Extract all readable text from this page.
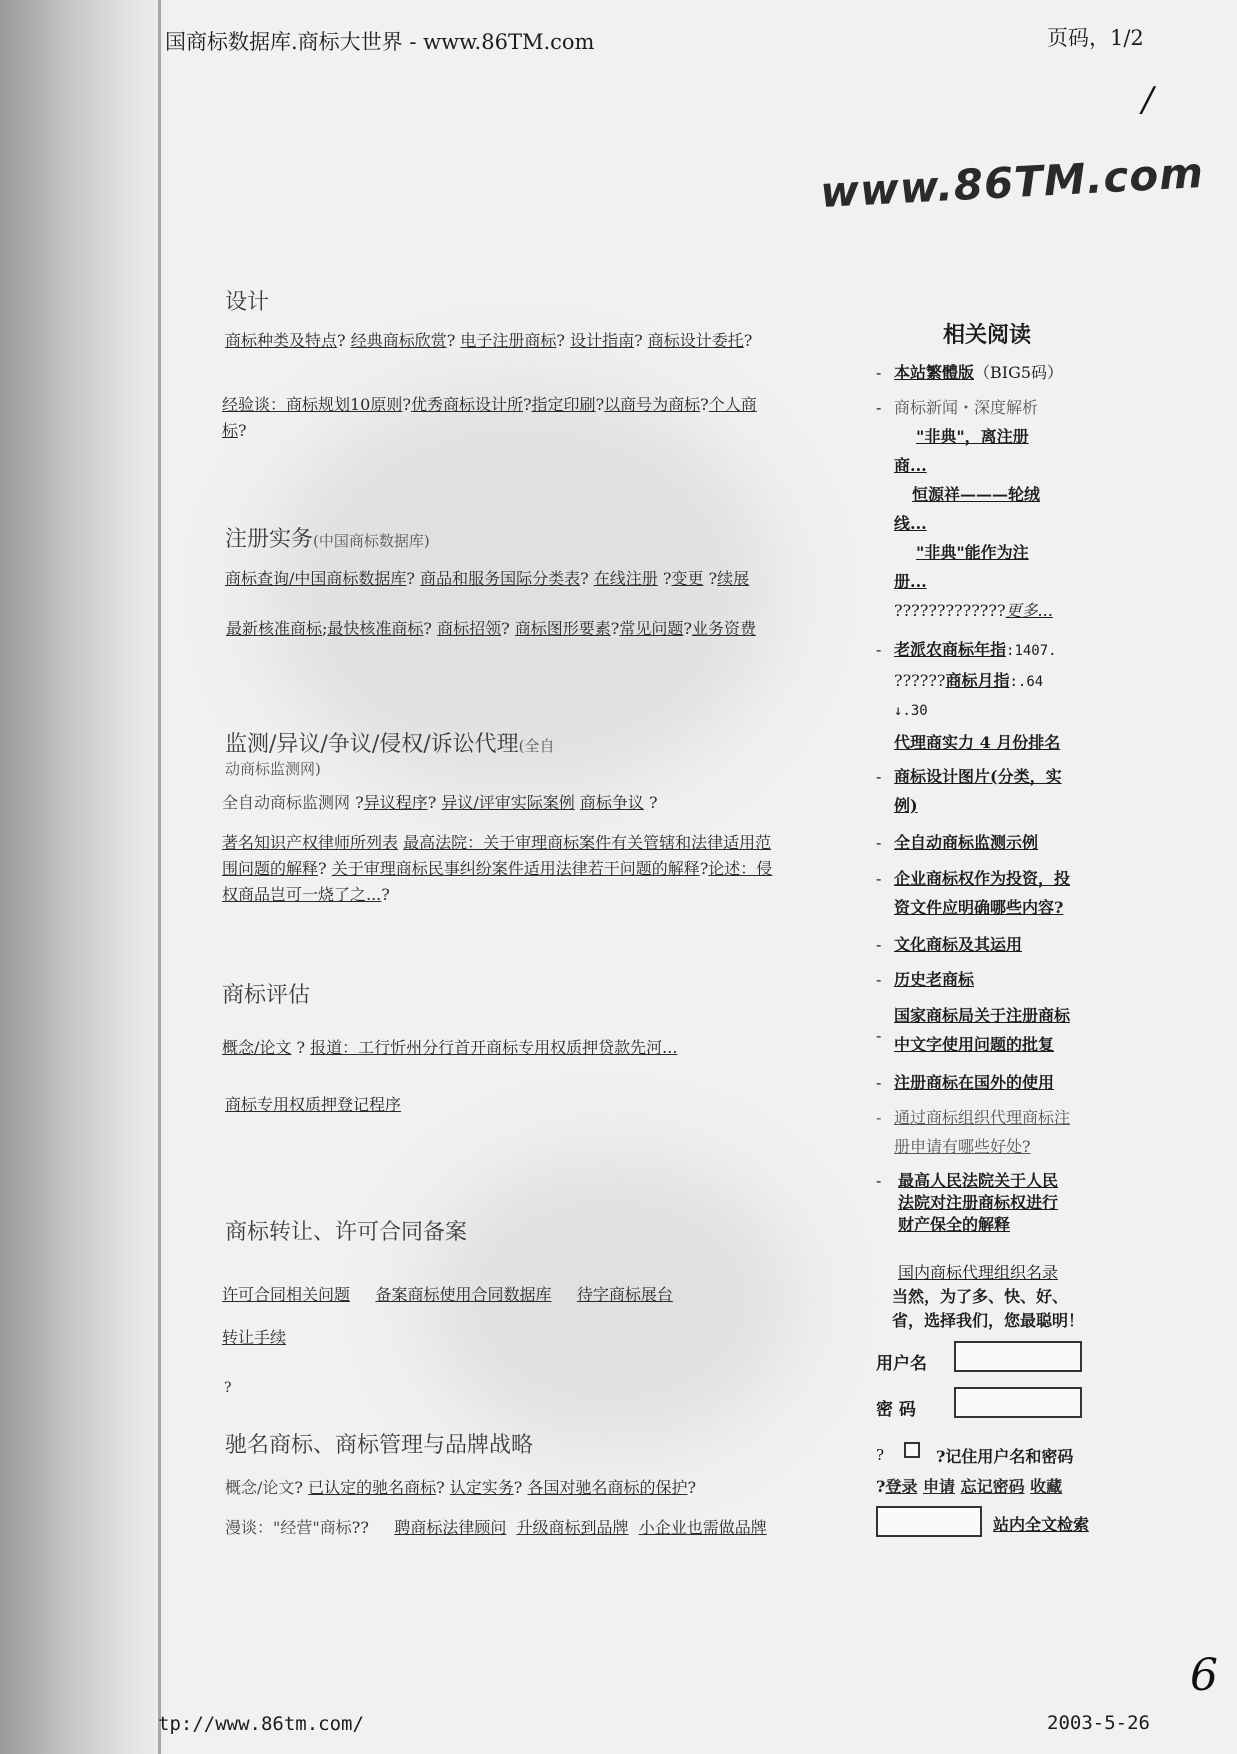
国商标数据库.商标大世界 - www.86TM.com	页码，1/2
/
www.86TM.com
设计
商标种类及特点? 经典商标欣赏? 电子注册商标? 设计指南? 商标设计委托?
经验谈：商标规划10原则?优秀商标设计所?指定印刷?以商号为商标?个人商
标?
注册实务(中国商标数据库)
商标查询/中国商标数据库? 商品和服务国际分类表? 在线注册 ?变更 ?续展
最新核准商标;最快核准商标? 商标招领? 商标图形要素?常见问题?业务资费
监测/异议/争议/侵权/诉讼代理(全自
动商标监测网)
全自动商标监测网 ?异议程序? 异议/评审实际案例 商标争议 ?
著名知识产权律师所列表 最高法院：关于审理商标案件有关管辖和法律适用范
围问题的解释? 关于审理商标民事纠纷案件适用法律若干问题的解释?论述：侵
权商品岂可一烧了之...?
商标评估
概念/论文 ? 报道：工行忻州分行首开商标专用权质押贷款先河...
商标专用权质押登记程序
商标转让、许可合同备案
许可合同相关问题 备案商标使用合同数据库 待字商标展台
转让手续
?
驰名商标、商标管理与品牌战略
概念/论文? 已认定的驰名商标? 认定实务? 各国对驰名商标的保护?
漫谈："经营"商标??     聘商标法律顾问 升级商标到品牌 小企业也需做品牌
相关阅读
- 本站繁體版（BIG5码）
- 商标新闻・深度解析
"非典"，离注册
商...
恒源祥———轮绒
线...
"非典"能作为注
册...
?????????????更多...
- 老派农商标年指:1407.
??????商标月指:.64
↓.30
代理商实力 4 月份排名
- 商标设计图片(分类，实
例)
- 全自动商标监测示例
- 企业商标权作为投资，投
资文件应明确哪些内容?
- 文化商标及其运用
- 历史老商标
-
国家商标局关于注册商标
中文字使用问题的批复
- 注册商标在国外的使用
- 通过商标组织代理商标注
册申请有哪些好处?
- 最高人民法院关于人民
法院对注册商标权进行
财产保全的解释
国内商标代理组织名录
当然，为了多、快、好、
省，选择我们，您最聪明！
用户名
密 码
?	?记住用户名和密码
?登录 申请 忘记密码 收藏
站内全文检索
tp://www.86tm.com/	2003-5-26
6
